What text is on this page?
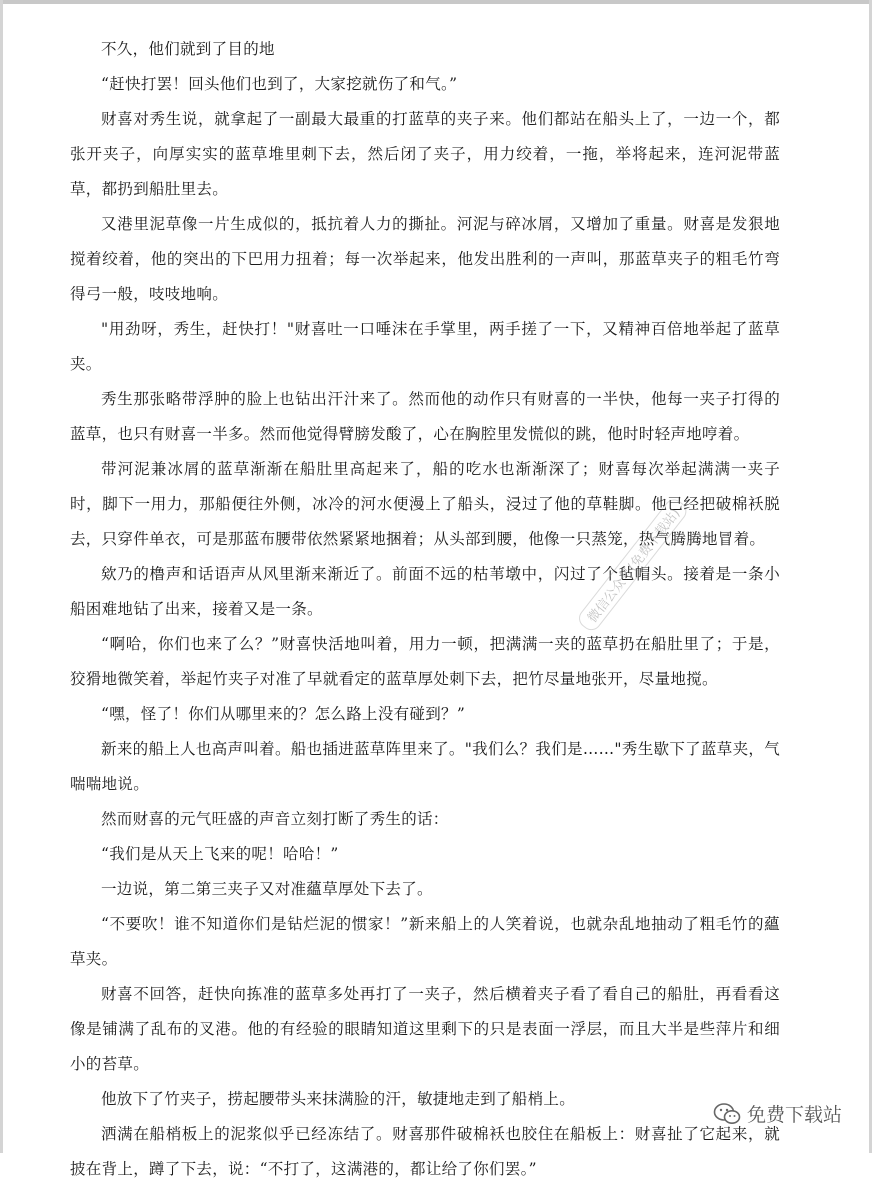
不久，他们就到了目的地

“赶快打罢！回头他们也到了，大家挖就伤了和气。”

财喜对秀生说，就拿起了一副最大最重的打蓝草的夹子来。他们都站在船头上了，一边一个，都张开夹子，向厚实实的蓝草堆里刺下去，然后闭了夹子，用力绞着，一拖，举将起来，连河泥带蓝草，都扔到船肚里去。

又港里泥草像一片生成似的，抵抗着人力的撕扯。河泥与碎冰屑，又增加了重量。财喜是发狠地搅着绞着，他的突出的下巴用力扭着；每一次举起来，他发出胜利的一声叫，那蓝草夹子的粗毛竹弯得弓一般，吱吱地响。

"用劲呀，秀生，赶快打！"财喜吐一口唾沫在手掌里，两手搓了一下，又精神百倍地举起了蓝草夹。

秀生那张略带浮肿的脸上也钻出汗汁来了。然而他的动作只有财喜的一半快，他每一夹子打得的蓝草，也只有财喜一半多。然而他觉得臂膀发酸了，心在胸腔里发慌似的跳，他时时轻声地哼着。

带河泥兼冰屑的蓝草渐渐在船肚里高起来了，船的吃水也渐渐深了；财喜每次举起满满一夹子时，脚下一用力，那船便往外侧，冰冷的河水便漫上了船头，浸过了他的草鞋脚。他已经把破棉袄脱去，只穿件单衣，可是那蓝布腰带依然紧紧地捆着；从头部到腰，他像一只蒸笼，热气腾腾地冒着。

欸乃的橹声和话语声从风里渐来渐近了。前面不远的枯苇墩中，闪过了个毡帽头。接着是一条小船困难地钻了出来，接着又是一条。

“啊哈，你们也来了么？”财喜快活地叫着，用力一顿，把满满一夹的蓝草扔在船肚里了；于是，狡猾地微笑着，举起竹夹子对准了早就看定的蓝草厚处刺下去，把竹尽量地张开，尽量地搅。

“嘿，怪了！你们从哪里来的？怎么路上没有碰到？”

新来的船上人也高声叫着。船也插进蓝草阵里来了。"我们么？我们是……"秀生歇下了蓝草夹，气喘喘地说。

然而财喜的元气旺盛的声音立刻打断了秀生的话：

“我们是从天上飞来的呢！哈哈！”

一边说，第二第三夹子又对准蘊草厚处下去了。

“不要吹！谁不知道你们是钻烂泥的惯家！”新来船上的人笑着说，也就杂乱地抽动了粗毛竹的蘊草夹。

财喜不回答，赶快向拣准的蓝草多处再打了一夹子，然后横着夹子看了看自己的船肚，再看看这像是铺满了乱布的叉港。他的有经验的眼睛知道这里剩下的只是表面一浮层，而且大半是些萍片和细小的苔草。

他放下了竹夹子，捞起腰带头来抹满脸的汗，敏捷地走到了船梢上。

洒满在船梢板上的泥浆似乎已经冻结了。财喜那件破棉袄也胶住在船板上：财喜扯了它起来，就披在背上，蹲了下去，说：“不打了，这满港的，都让给了你们罢。”

微信公众号(免费下载站)
免费下载站
